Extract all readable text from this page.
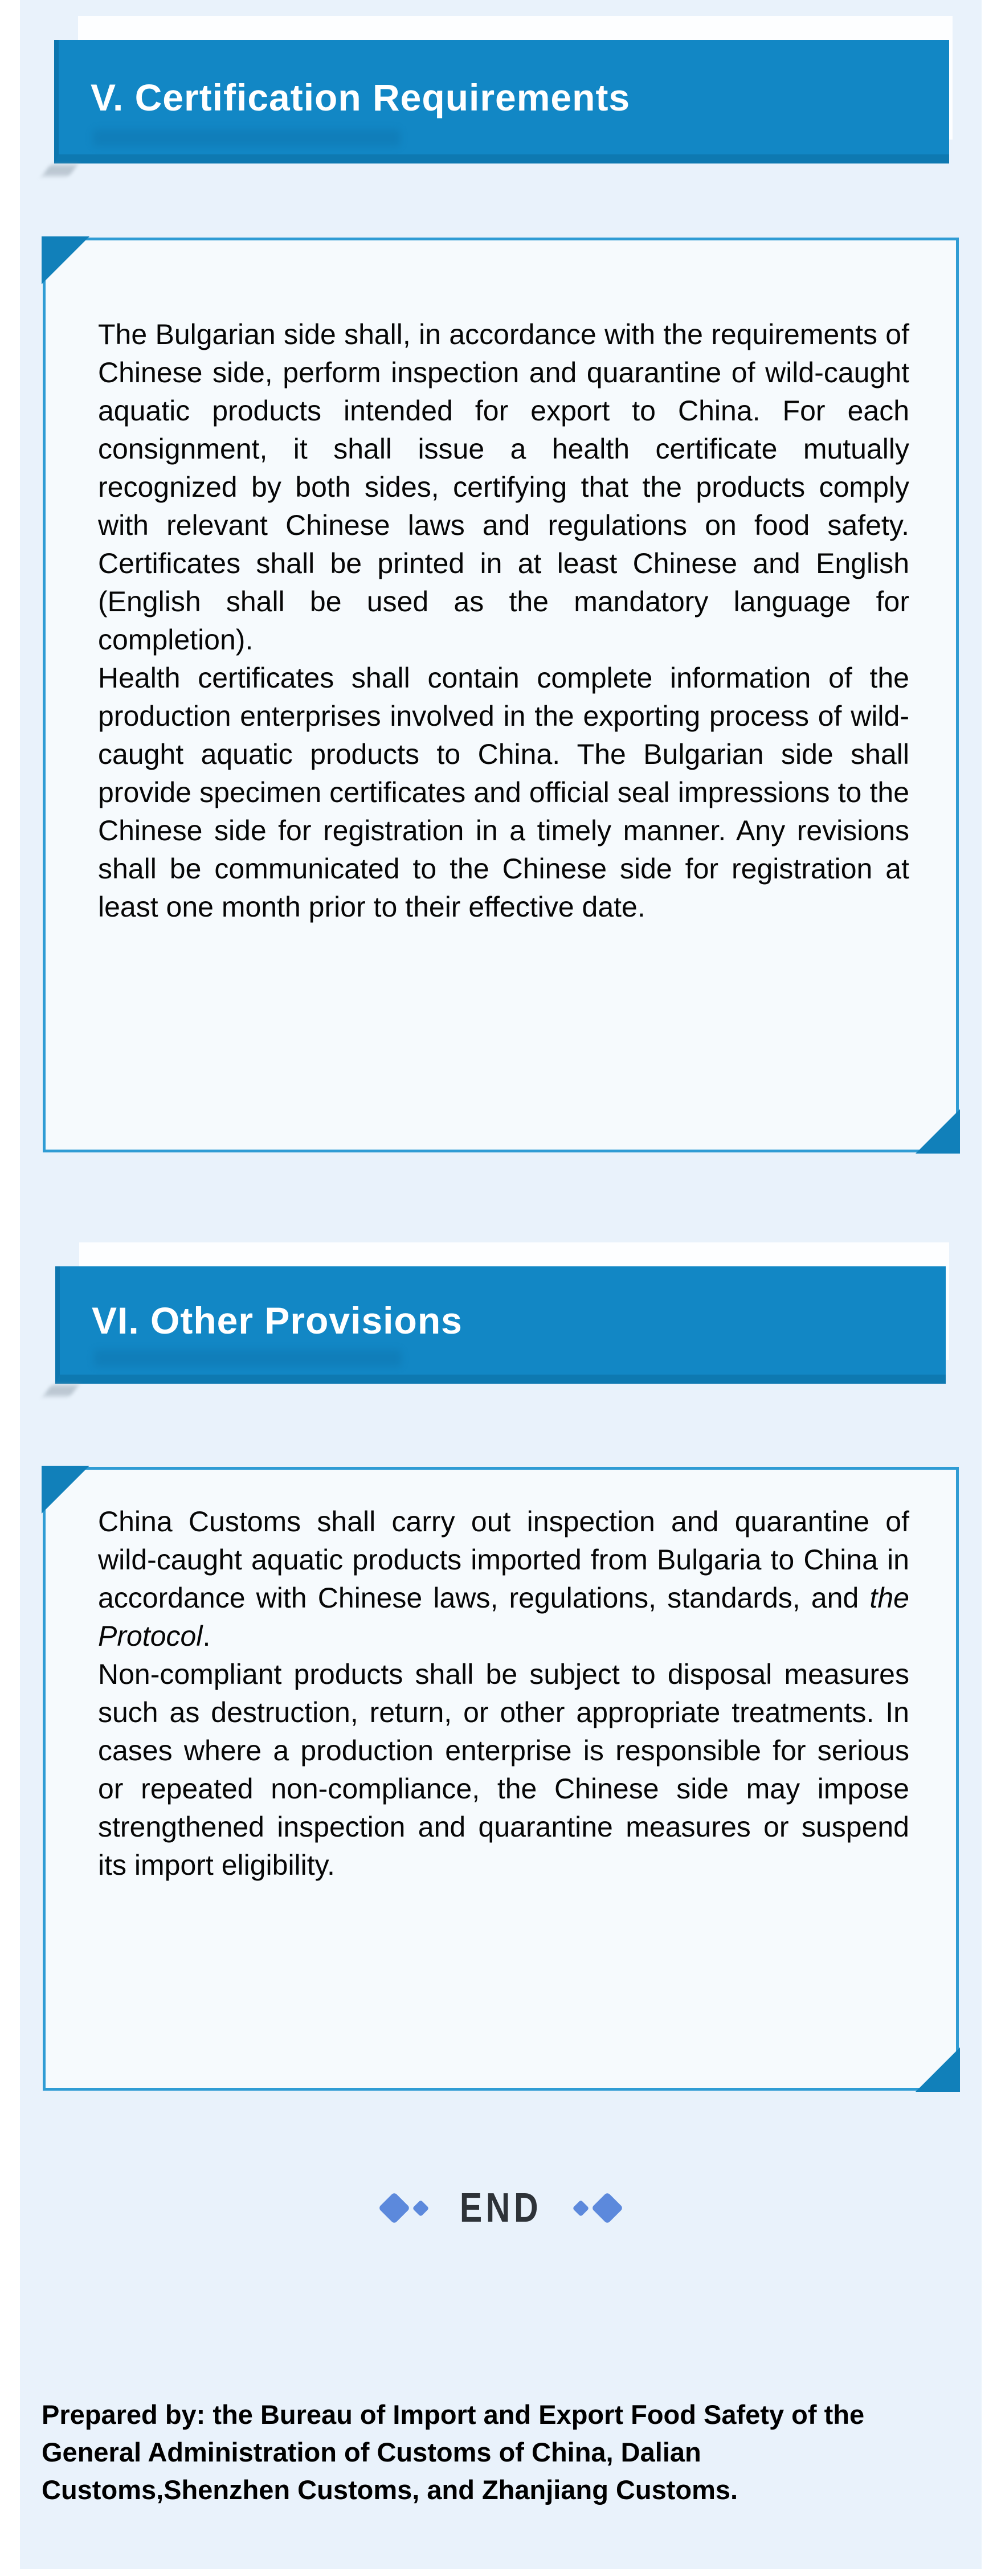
V. Certification Requirements

The Bulgarian side shall, in accordance with the requirements of Chinese side, perform inspection and quarantine of wild-caught aquatic products intended for export to China. For each consignment, it shall issue a health certificate mutually recognized by both sides, certifying that the products comply with relevant Chinese laws and regulations on food safety. Certificates shall be printed in at least Chinese and English (English shall be used as the mandatory language for completion).

Health certificates shall contain complete information of the production enterprises involved in the exporting process of wild-caught aquatic products to China. The Bulgarian side shall provide specimen certificates and official seal impressions to the Chinese side for registration in a timely manner. Any revisions shall be communicated to the Chinese side for registration at least one month prior to their effective date.

VI. Other Provisions

China Customs shall carry out inspection and quarantine of wild-caught aquatic products imported from Bulgaria to China in accordance with Chinese laws, regulations, standards, and the Protocol.

Non-compliant products shall be subject to disposal measures such as destruction, return, or other appropriate treatments. In cases where a production enterprise is responsible for serious or repeated non-compliance, the Chinese side may impose strengthened inspection and quarantine measures or suspend its import eligibility.

END
Prepared by: the Bureau of Import and Export Food Safety of the General Administration of Customs of China, Dalian Customs,Shenzhen Customs, and Zhanjiang Customs.
